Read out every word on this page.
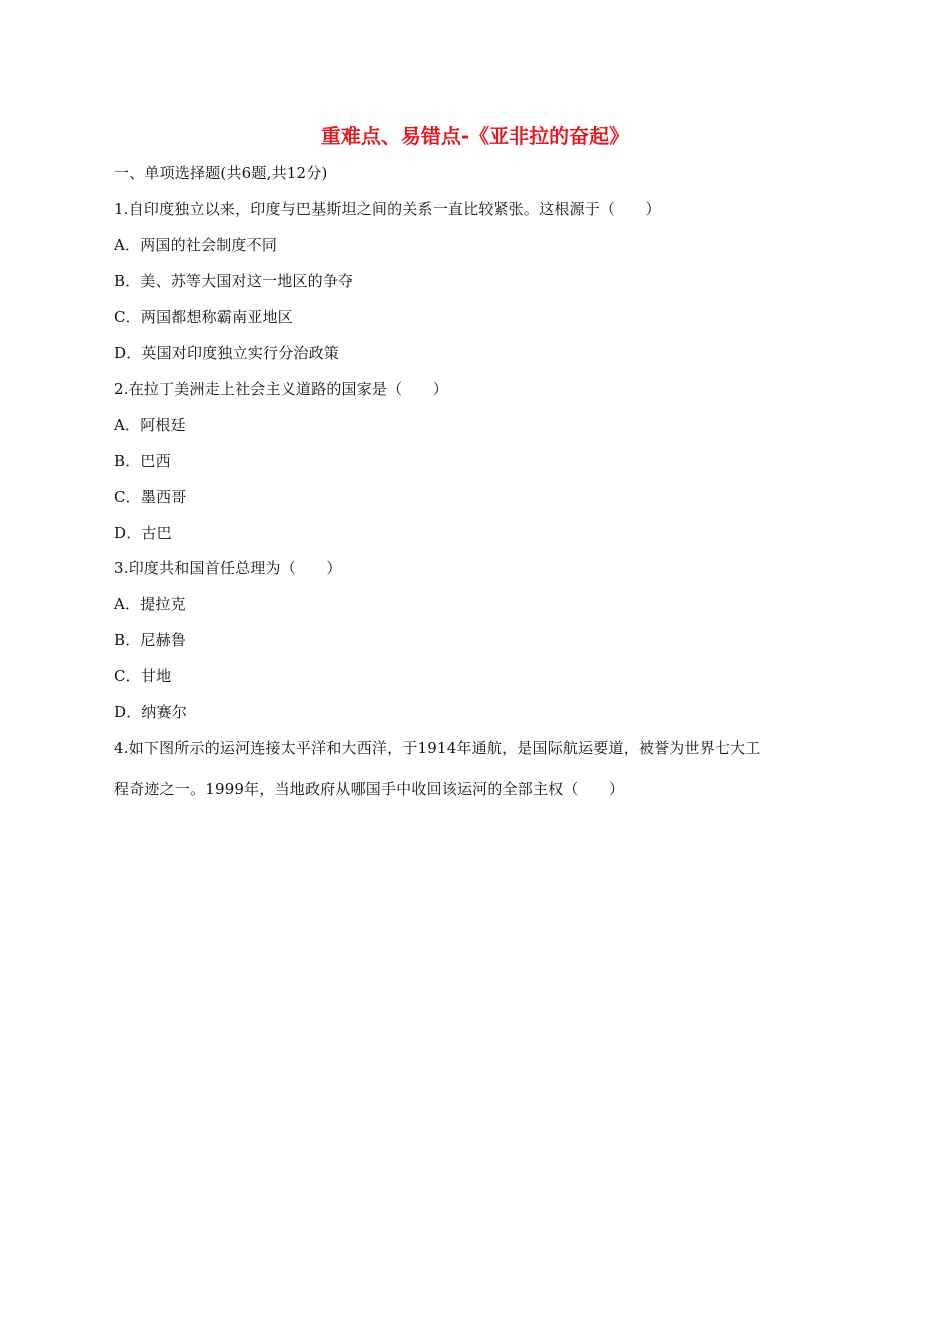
重难点、易错点-《亚非拉的奋起》
一、单项选择题(共6题,共12分)
1.自印度独立以来，印度与巴基斯坦之间的关系一直比较紧张。这根源于（　　）
A．两国的社会制度不同
B．美、苏等大国对这一地区的争夺
C．两国都想称霸南亚地区
D．英国对印度独立实行分治政策
2.在拉丁美洲走上社会主义道路的国家是（　　）
A．阿根廷
B．巴西
C．墨西哥
D．古巴
3.印度共和国首任总理为（　　）
A．提拉克
B．尼赫鲁
C．甘地
D．纳赛尔
4.如下图所示的运河连接太平洋和大西洋，于1914年通航，是国际航运要道，被誉为世界七大工
程奇迹之一。1999年，当地政府从哪国手中收回该运河的全部主权（　　）
